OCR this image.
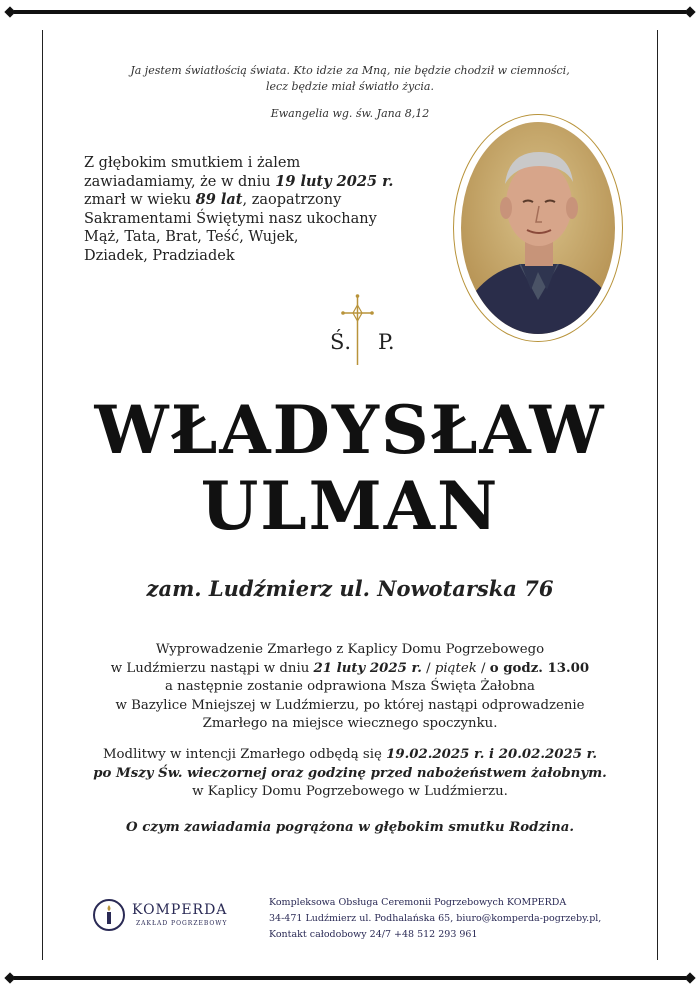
Ja jestem światłością świata. Kto idzie za Mną, nie będzie chodził w ciemności,
lecz będzie miał światło życia.
Ewangelia wg. św. Jana 8,12
Z głębokim smutkiem i żalem
zawiadamiamy, że w dniu 19 luty 2025 r.
zmarł w wieku 89 lat, zaopatrzony
Sakramentami Świętymi nasz ukochany
Mąż, Tata, Brat, Teść, Wujek,
Dziadek, Pradziadek
Ś. P.
WŁADYSŁAW
ULMAN
zam. Ludźmierz ul. Nowotarska 76
Wyprowadzenie Zmarłego z Kaplicy Domu Pogrzebowego
w Ludźmierzu nastąpi w dniu 21 luty 2025 r. / piątek / o godz. 13.00
a następnie zostanie odprawiona Msza Święta Żałobna
w Bazylice Mniejszej w Ludźmierzu, po której nastąpi odprowadzenie
Zmarłego na miejsce wiecznego spoczynku.
Modlitwy w intencji Zmarłego odbędą się 19.02.2025 r. i 20.02.2025 r.
po Mszy Św. wieczornej oraz godzinę przed nabożeństwem żałobnym.
w Kaplicy Domu Pogrzebowego w Ludźmierzu.
O czym zawiadamia pogrążona w głębokim smutku Rodzina.
KOMPERDA
ZAKŁAD POGRZEBOWY
Kompleksowa Obsługa Ceremonii Pogrzebowych KOMPERDA
34-471 Ludźmierz ul. Podhalańska 65, biuro@komperda-pogrzeby.pl,
Kontakt całodobowy 24/7 +48 512 293 961
